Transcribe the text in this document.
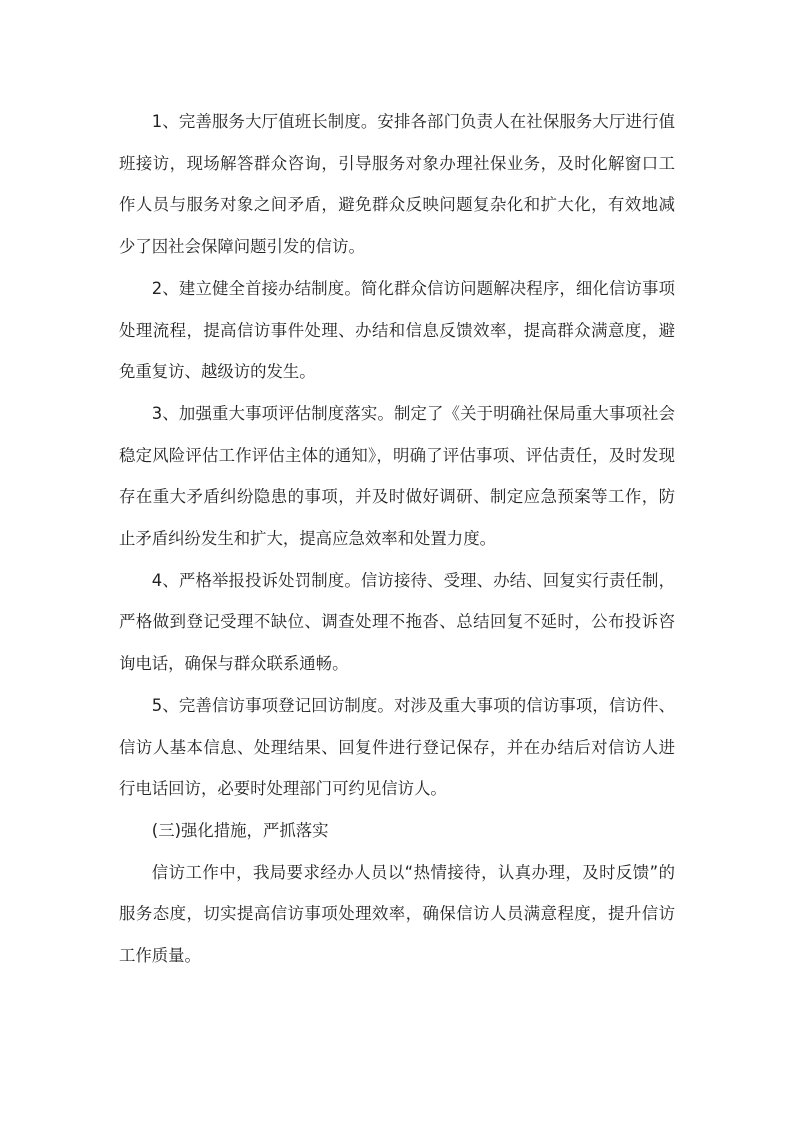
1、完善服务大厅值班长制度。安排各部门负责人在社保服务大厅进行值班接访，现场解答群众咨询，引导服务对象办理社保业务，及时化解窗口工作人员与服务对象之间矛盾，避免群众反映问题复杂化和扩大化，有效地减少了因社会保障问题引发的信访。

2、建立健全首接办结制度。简化群众信访问题解决程序，细化信访事项处理流程，提高信访事件处理、办结和信息反馈效率，提高群众满意度，避免重复访、越级访的发生。

3、加强重大事项评估制度落实。制定了《关于明确社保局重大事项社会稳定风险评估工作评估主体的通知》，明确了评估事项、评估责任，及时发现存在重大矛盾纠纷隐患的事项，并及时做好调研、制定应急预案等工作，防止矛盾纠纷发生和扩大，提高应急效率和处置力度。

4、严格举报投诉处罚制度。信访接待、受理、办结、回复实行责任制，严格做到登记受理不缺位、调查处理不拖沓、总结回复不延时，公布投诉咨询电话，确保与群众联系通畅。

5、完善信访事项登记回访制度。对涉及重大事项的信访事项，信访件、信访人基本信息、处理结果、回复件进行登记保存，并在办结后对信访人进行电话回访，必要时处理部门可约见信访人。

(三)强化措施，严抓落实

信访工作中，我局要求经办人员以“热情接待，认真办理，及时反馈”的服务态度，切实提高信访事项处理效率，确保信访人员满意程度，提升信访工作质量。
